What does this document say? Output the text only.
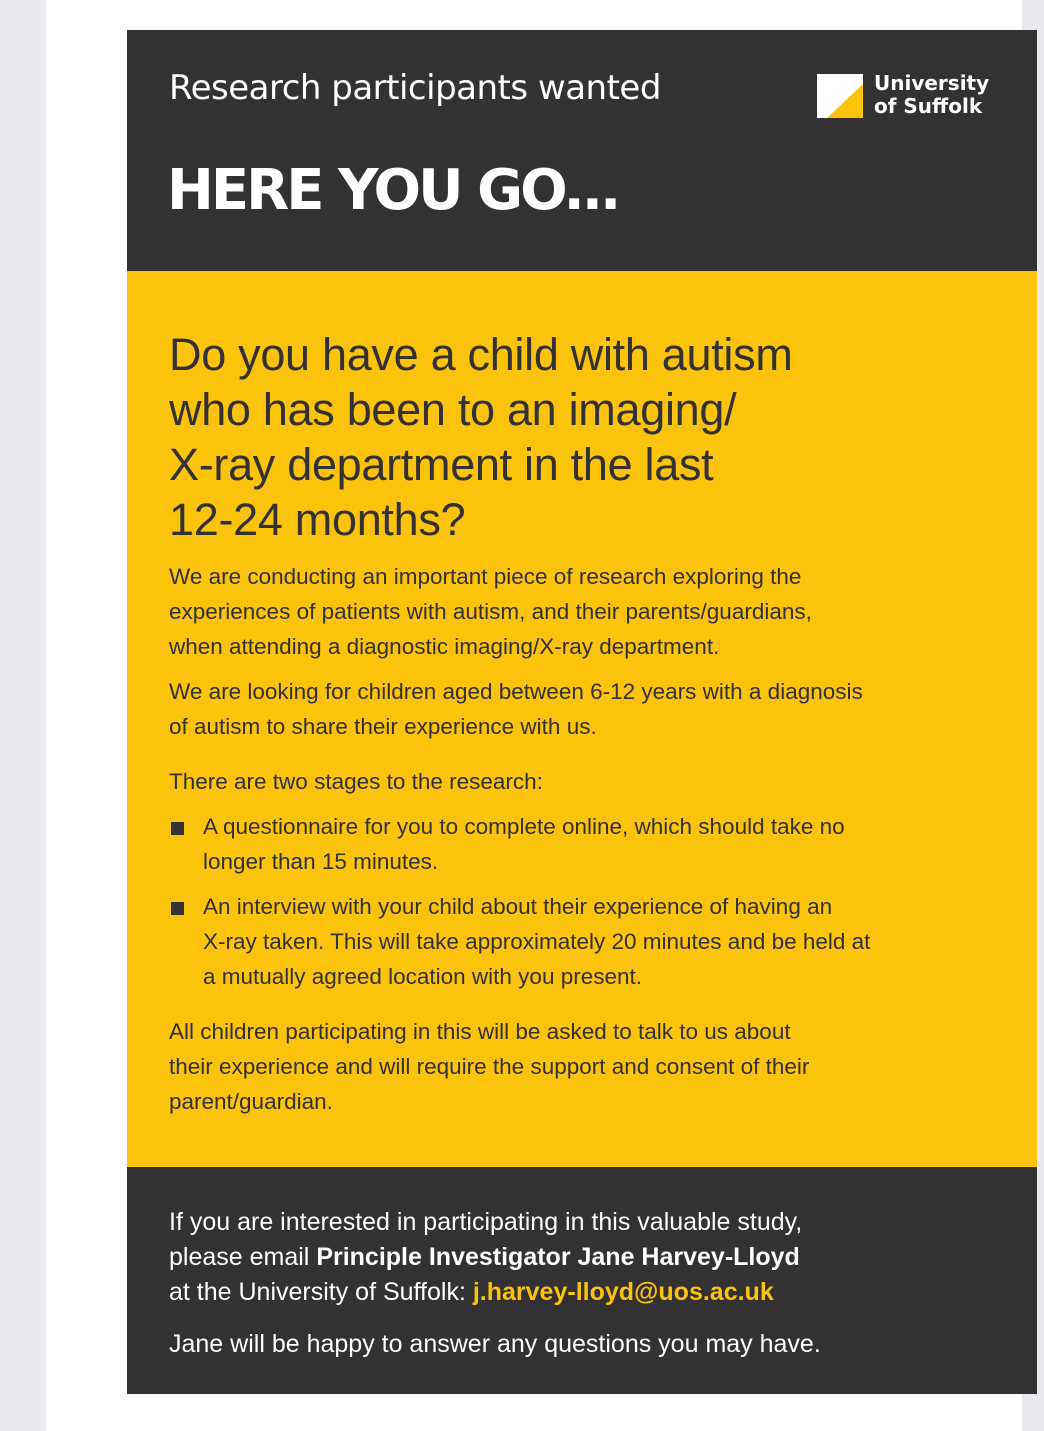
Research participants wanted
HERE YOU GO...
University
of Suffolk
Do you have a child with autism
who has been to an imaging/
X-ray department in the last
12-24 months?

We are conducting an important piece of research exploring the
experiences of patients with autism, and their parents/guardians,
when attending a diagnostic imaging/X-ray department.

We are looking for children aged between 6-12 years with a diagnosis
of autism to share their experience with us.

There are two stages to the research:

A questionnaire for you to complete online, which should take no
longer than 15 minutes.
An interview with your child about their experience of having an
X-ray taken. This will take approximately 20 minutes and be held at
a mutually agreed location with you present.

All children participating in this will be asked to talk to us about
their experience and will require the support and consent of their
parent/guardian.

If you are interested in participating in this valuable study,
please email Principle Investigator Jane Harvey-Lloyd
at the University of Suffolk: j.harvey-lloyd@uos.ac.uk
Jane will be happy to answer any questions you may have.
